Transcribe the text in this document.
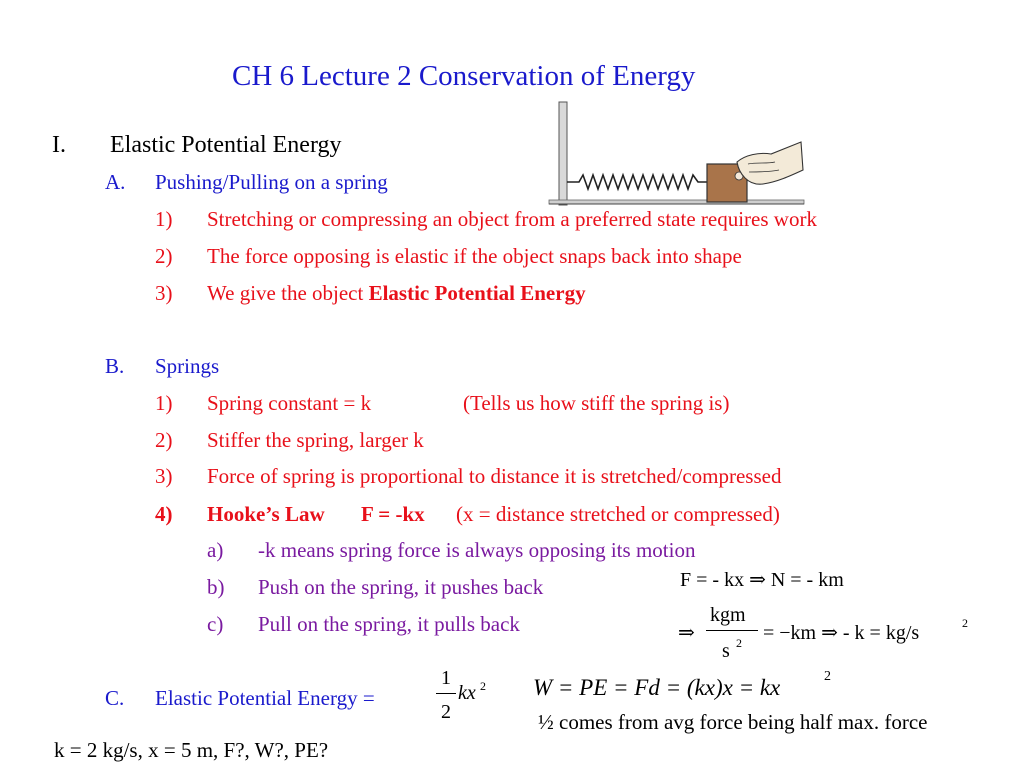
CH 6 Lecture 2 Conservation of Energy
I. Elastic Potential Energy
A. Pushing/Pulling on a spring
1) Stretching or compressing an object from a preferred state requires work
2) The force opposing is elastic if the object snaps back into shape
3) We give the object Elastic Potential Energy
B. Springs
1) Spring constant = k	(Tells us how stiff the spring is)
2) Stiffer the spring, larger k
3) Force of spring is proportional to distance it is stretched/compressed
4) Hooke’s Law F = -kx (x = distance stretched or compressed)
a) -k means spring force is always opposing its motion
b) Push on the spring, it pushes back
c) Pull on the spring, it pulls back
F = - kx ⇒ N = - km
⇒
kgm
s 2 = −km ⇒ - k = kg/s	2
C. Elastic Potential Energy =
1
2
kx 2 W = PE = Fd = (kx)x = kx	2
½ comes from avg force being half max. force
k = 2 kg/s, x = 5 m, F?, W?, PE?
